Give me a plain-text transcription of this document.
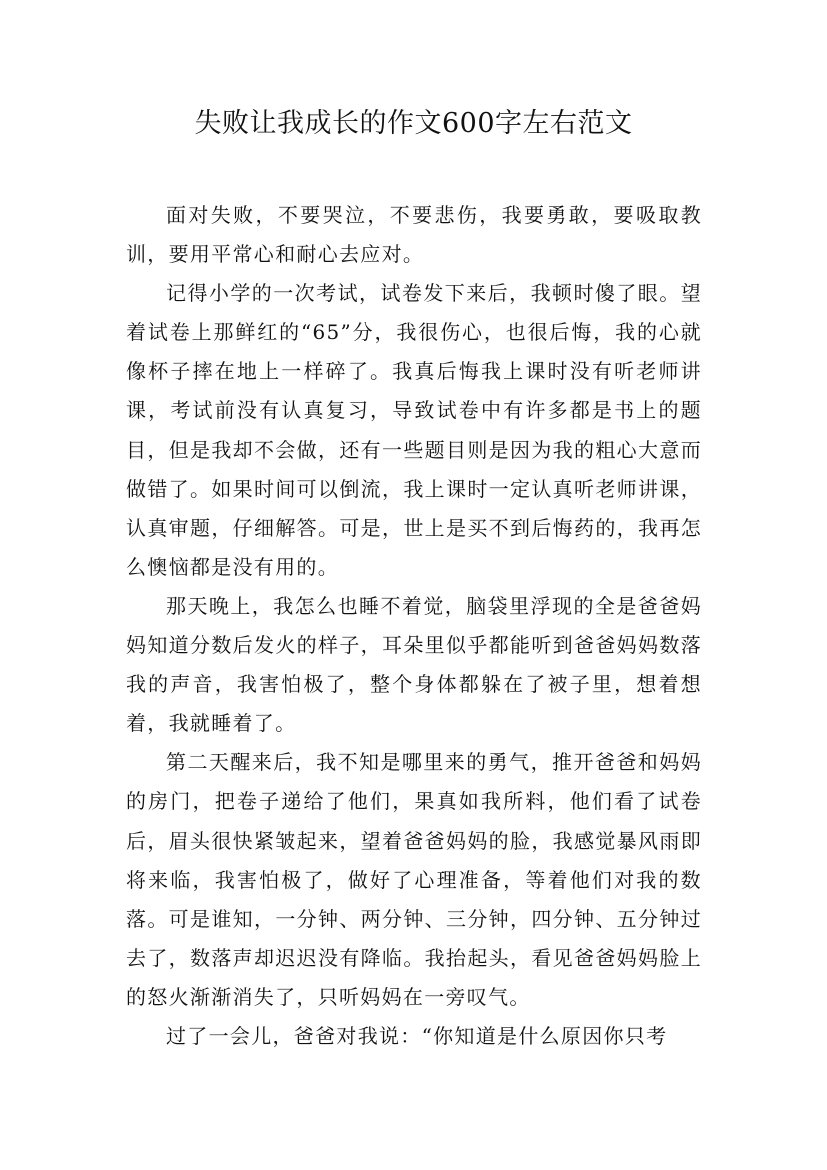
失败让我成长的作文600字左右范文

面对失败，不要哭泣，不要悲伤，我要勇敢，要吸取教训，要用平常心和耐心去应对。

记得小学的一次考试，试卷发下来后，我顿时傻了眼。望着试卷上那鲜红的“65”分，我很伤心，也很后悔，我的心就像杯子摔在地上一样碎了。我真后悔我上课时没有听老师讲课，考试前没有认真复习，导致试卷中有许多都是书上的题目，但是我却不会做，还有一些题目则是因为我的粗心大意而做错了。如果时间可以倒流，我上课时一定认真听老师讲课，认真审题，仔细解答。可是，世上是买不到后悔药的，我再怎么懊恼都是没有用的。

那天晚上，我怎么也睡不着觉，脑袋里浮现的全是爸爸妈妈知道分数后发火的样子，耳朵里似乎都能听到爸爸妈妈数落我的声音，我害怕极了，整个身体都躲在了被子里，想着想着，我就睡着了。

第二天醒来后，我不知是哪里来的勇气，推开爸爸和妈妈的房门，把卷子递给了他们，果真如我所料，他们看了试卷后，眉头很快紧皱起来，望着爸爸妈妈的脸，我感觉暴风雨即将来临，我害怕极了，做好了心理准备，等着他们对我的数落。可是谁知，一分钟、两分钟、三分钟，四分钟、五分钟过去了，数落声却迟迟没有降临。我抬起头，看见爸爸妈妈脸上的怒火渐渐消失了，只听妈妈在一旁叹气。

过了一会儿，爸爸对我说：“你知道是什么原因你只考
